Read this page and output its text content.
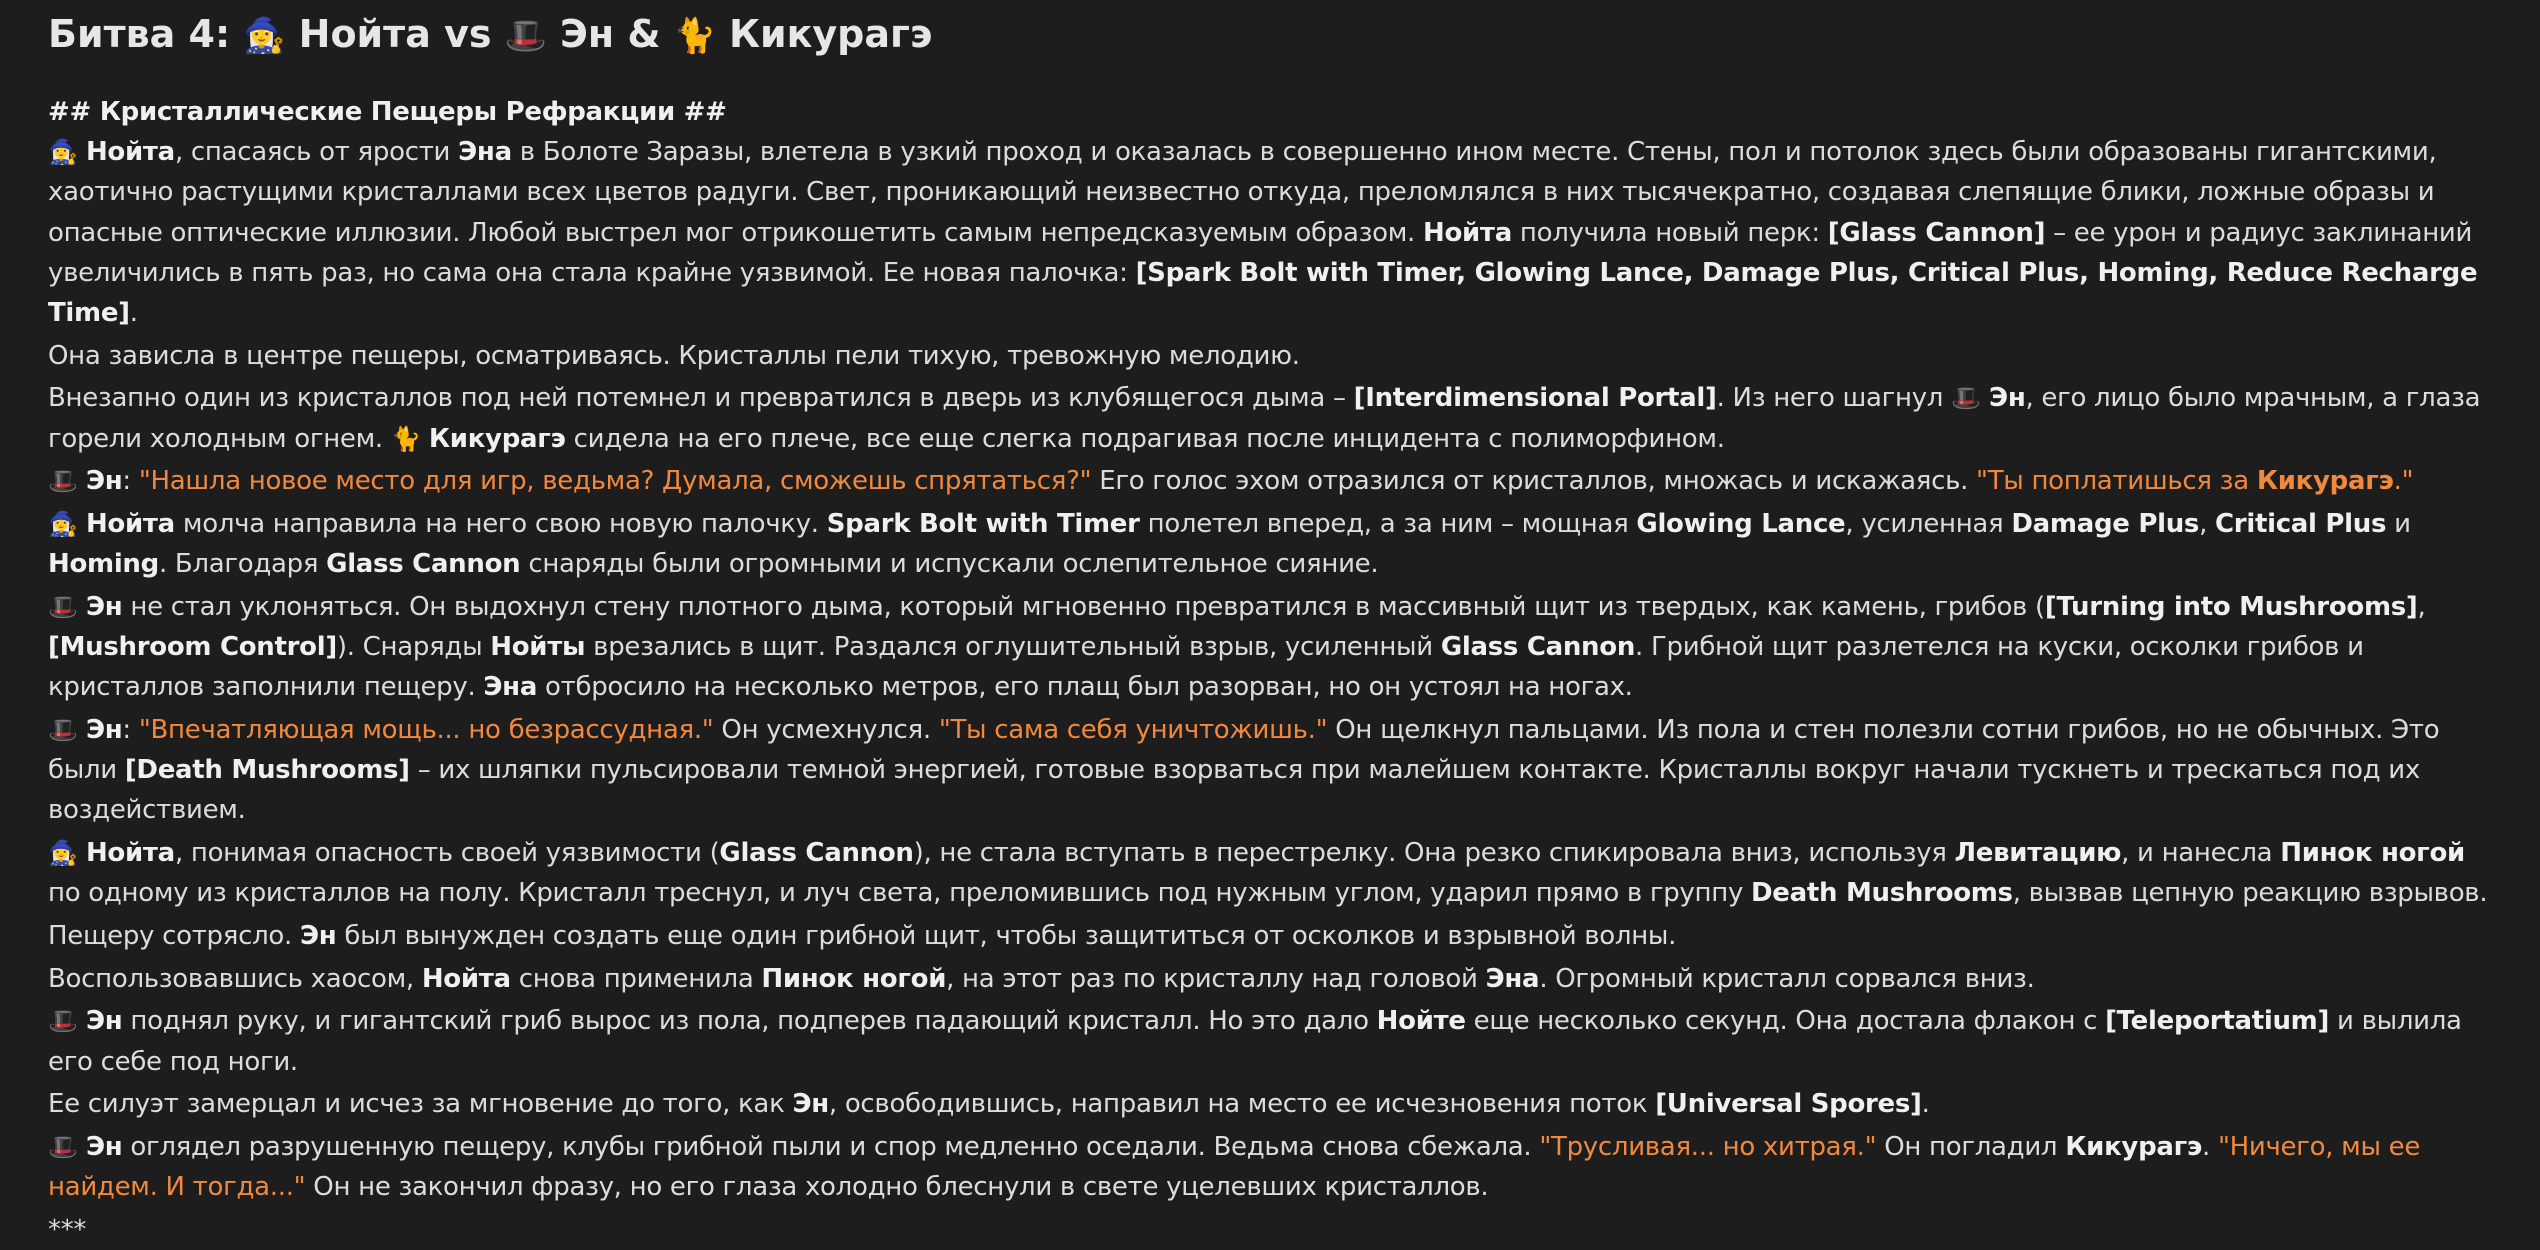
Битва 4: 🧙‍♀️ Нойта vs 🎩 Эн & 🐈 Кикурагэ

## Кристаллические Пещеры Рефракции ##

🧙‍♀️ Нойта, спасаясь от ярости Эна в Болоте Заразы, влетела в узкий проход и оказалась в совершенно ином месте. Стены, пол и потолок здесь были образованы гигантскими, хаотично растущими кристаллами всех цветов радуги. Свет, проникающий неизвестно откуда, преломлялся в них тысячекратно, создавая слепящие блики, ложные образы и опасные оптические иллюзии. Любой выстрел мог отрикошетить самым непредсказуемым образом. Нойта получила новый перк: [Glass Cannon] – ее урон и радиус заклинаний увеличились в пять раз, но сама она стала крайне уязвимой. Ее новая палочка: [Spark Bolt with Timer, Glowing Lance, Damage Plus, Critical Plus, Homing, Reduce Recharge Time].

Она зависла в центре пещеры, осматриваясь. Кристаллы пели тихую, тревожную мелодию.

Внезапно один из кристаллов под ней потемнел и превратился в дверь из клубящегося дыма – [Interdimensional Portal]. Из него шагнул 🎩 Эн, его лицо было мрачным, а глаза горели холодным огнем. 🐈 Кикурагэ сидела на его плече, все еще слегка подрагивая после инцидента с полиморфином.

🎩 Эн: "Нашла новое место для игр, ведьма? Думала, сможешь спрятаться?" Его голос эхом отразился от кристаллов, множась и искажаясь. "Ты поплатишься за Кикурагэ."

🧙‍♀️ Нойта молча направила на него свою новую палочку. Spark Bolt with Timer полетел вперед, а за ним – мощная Glowing Lance, усиленная Damage Plus, Critical Plus и Homing. Благодаря Glass Cannon снаряды были огромными и испускали ослепительное сияние.

🎩 Эн не стал уклоняться. Он выдохнул стену плотного дыма, который мгновенно превратился в массивный щит из твердых, как камень, грибов ([Turning into Mushrooms], [Mushroom Control]). Снаряды Нойты врезались в щит. Раздался оглушительный взрыв, усиленный Glass Cannon. Грибной щит разлетелся на куски, осколки грибов и кристаллов заполнили пещеру. Эна отбросило на несколько метров, его плащ был разорван, но он устоял на ногах.

🎩 Эн: "Впечатляющая мощь... но безрассудная." Он усмехнулся. "Ты сама себя уничтожишь." Он щелкнул пальцами. Из пола и стен полезли сотни грибов, но не обычных. Это были [Death Mushrooms] – их шляпки пульсировали темной энергией, готовые взорваться при малейшем контакте. Кристаллы вокруг начали тускнеть и трескаться под их воздействием.

🧙‍♀️ Нойта, понимая опасность своей уязвимости (Glass Cannon), не стала вступать в перестрелку. Она резко спикировала вниз, используя Левитацию, и нанесла Пинок ногой по одному из кристаллов на полу. Кристалл треснул, и луч света, преломившись под нужным углом, ударил прямо в группу Death Mushrooms, вызвав цепную реакцию взрывов.

Пещеру сотрясло. Эн был вынужден создать еще один грибной щит, чтобы защититься от осколков и взрывной волны.

Воспользовавшись хаосом, Нойта снова применила Пинок ногой, на этот раз по кристаллу над головой Эна. Огромный кристалл сорвался вниз.

🎩 Эн поднял руку, и гигантский гриб вырос из пола, подперев падающий кристалл. Но это дало Нойте еще несколько секунд. Она достала флакон с [Teleportatium] и вылила его себе под ноги.

Ее силуэт замерцал и исчез за мгновение до того, как Эн, освободившись, направил на место ее исчезновения поток [Universal Spores].

🎩 Эн оглядел разрушенную пещеру, клубы грибной пыли и спор медленно оседали. Ведьма снова сбежала. "Трусливая... но хитрая." Он погладил Кикурагэ. "Ничего, мы ее найдем. И тогда..." Он не закончил фразу, но его глаза холодно блеснули в свете уцелевших кристаллов.

***
